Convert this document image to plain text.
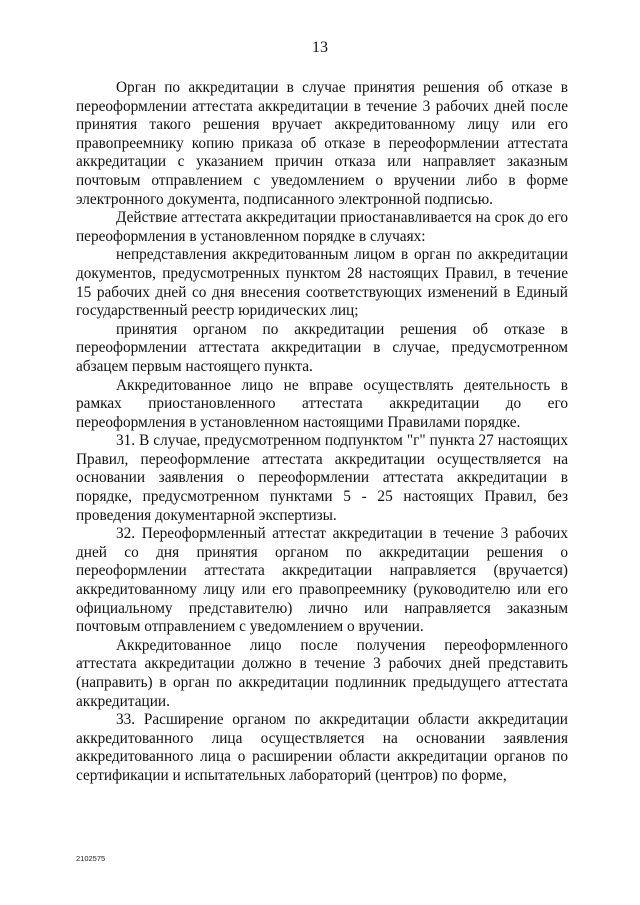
13

Орган по аккредитации в случае принятия решения об отказе в переоформлении аттестата аккредитации в течение 3 рабочих дней после принятия такого решения вручает аккредитованному лицу или его правопреемнику копию приказа об отказе в переоформлении аттестата аккредитации с указанием причин отказа или направляет заказным почтовым отправлением с уведомлением о вручении либо в форме электронного документа, подписанного электронной подписью.

Действие аттестата аккредитации приостанавливается на срок до его переоформления в установленном порядке в случаях:

непредставления аккредитованным лицом в орган по аккредитации документов, предусмотренных пунктом 28 настоящих Правил, в течение 15 рабочих дней со дня внесения соответствующих изменений в Единый государственный реестр юридических лиц;

принятия органом по аккредитации решения об отказе в переоформлении аттестата аккредитации в случае, предусмотренном абзацем первым настоящего пункта.

Аккредитованное лицо не вправе осуществлять деятельность в рамках приостановленного аттестата аккредитации до его переоформления в установленном настоящими Правилами порядке.

31. В случае, предусмотренном подпунктом "г" пункта 27 настоящих Правил, переоформление аттестата аккредитации осуществляется на основании заявления о переоформлении аттестата аккредитации в порядке, предусмотренном пунктами 5 - 25 настоящих Правил, без проведения документарной экспертизы.

32. Переоформленный аттестат аккредитации в течение 3 рабочих дней со дня принятия органом по аккредитации решения о переоформлении аттестата аккредитации направляется (вручается) аккредитованному лицу или его правопреемнику (руководителю или его официальному представителю) лично или направляется заказным почтовым отправлением с уведомлением о вручении.

Аккредитованное лицо после получения переоформленного аттестата аккредитации должно в течение 3 рабочих дней представить (направить) в орган по аккредитации подлинник предыдущего аттестата аккредитации.

33. Расширение органом по аккредитации области аккредитации аккредитованного лица осуществляется на основании заявления аккредитованного лица о расширении области аккредитации органов по сертификации и испытательных лабораторий (центров) по форме,

2102575
